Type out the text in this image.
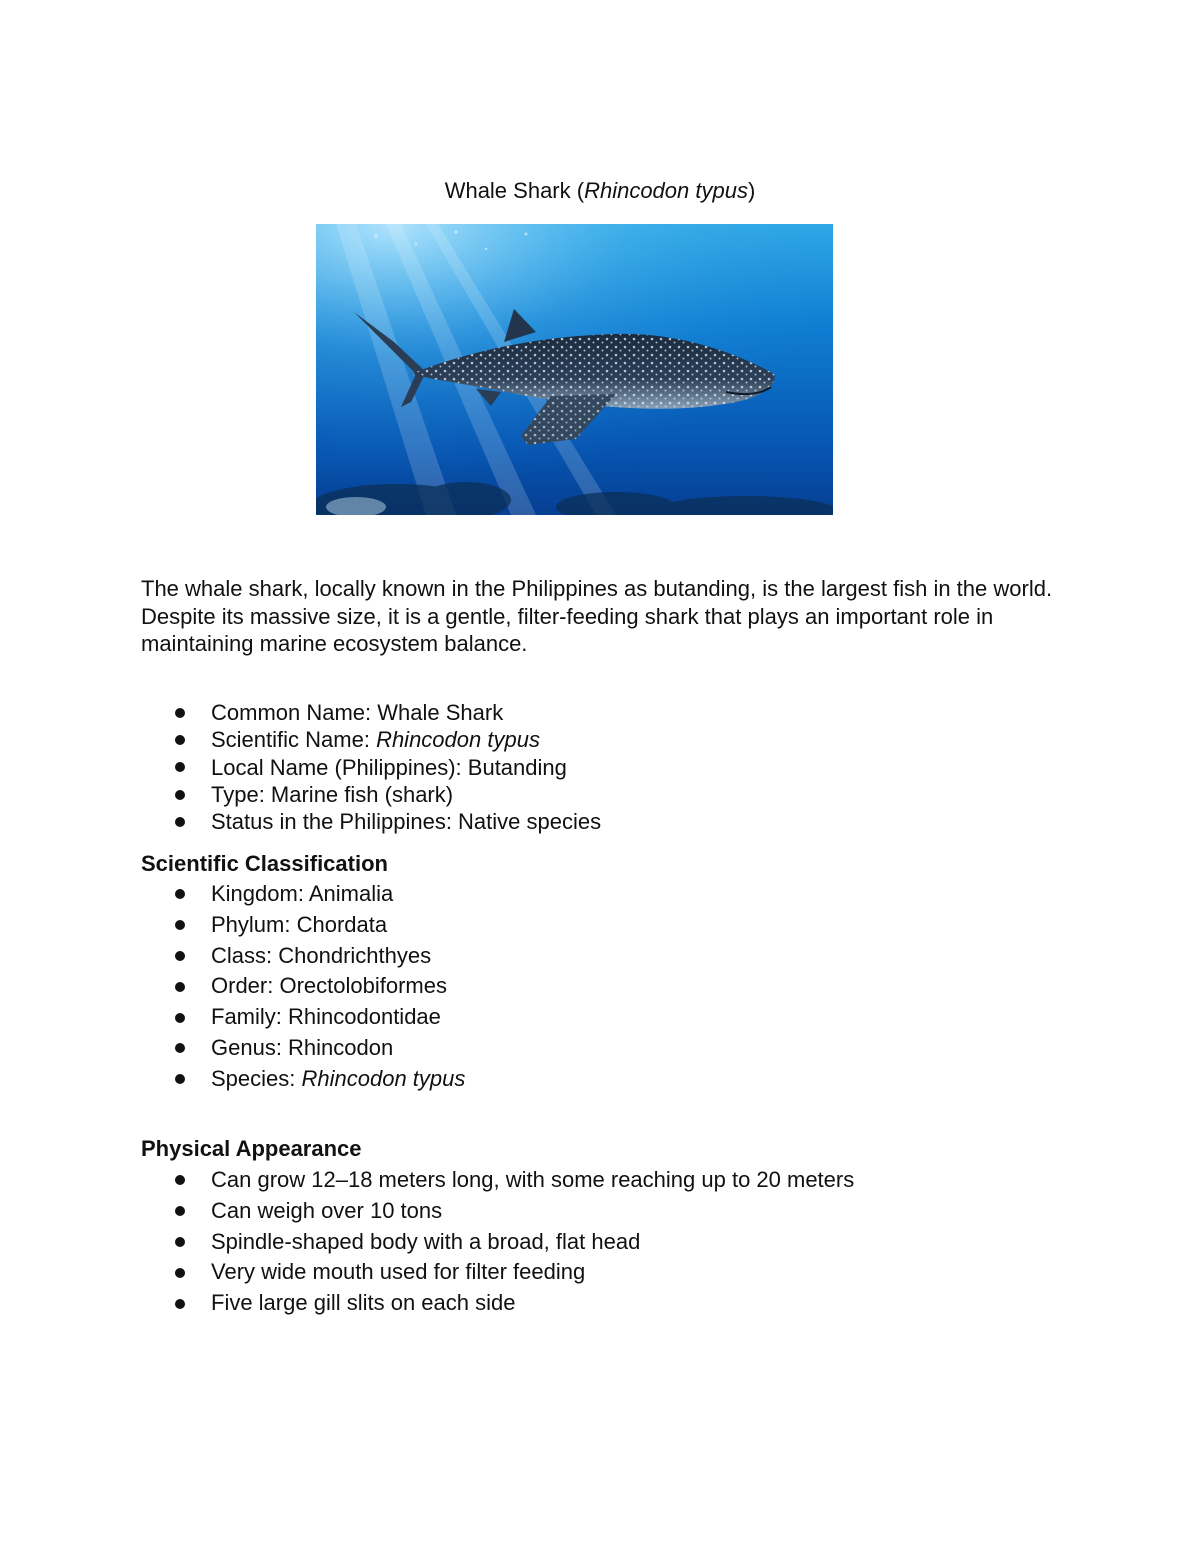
Whale Shark (Rhincodon typus)
The whale shark, locally known in the Philippines as butanding, is the largest fish in the world. Despite its massive size, it is a gentle, filter-feeding shark that plays an important role in maintaining marine ecosystem balance.
Common Name: Whale Shark
Scientific Name: Rhincodon typus
Local Name (Philippines): Butanding
Type: Marine fish (shark)
Status in the Philippines: Native species
Scientific Classification
Kingdom: Animalia
Phylum: Chordata
Class: Chondrichthyes
Order: Orectolobiformes
Family: Rhincodontidae
Genus: Rhincodon
Species: Rhincodon typus
Physical Appearance
Can grow 12–18 meters long, with some reaching up to 20 meters
Can weigh over 10 tons
Spindle-shaped body with a broad, flat head
Very wide mouth used for filter feeding
Five large gill slits on each side
